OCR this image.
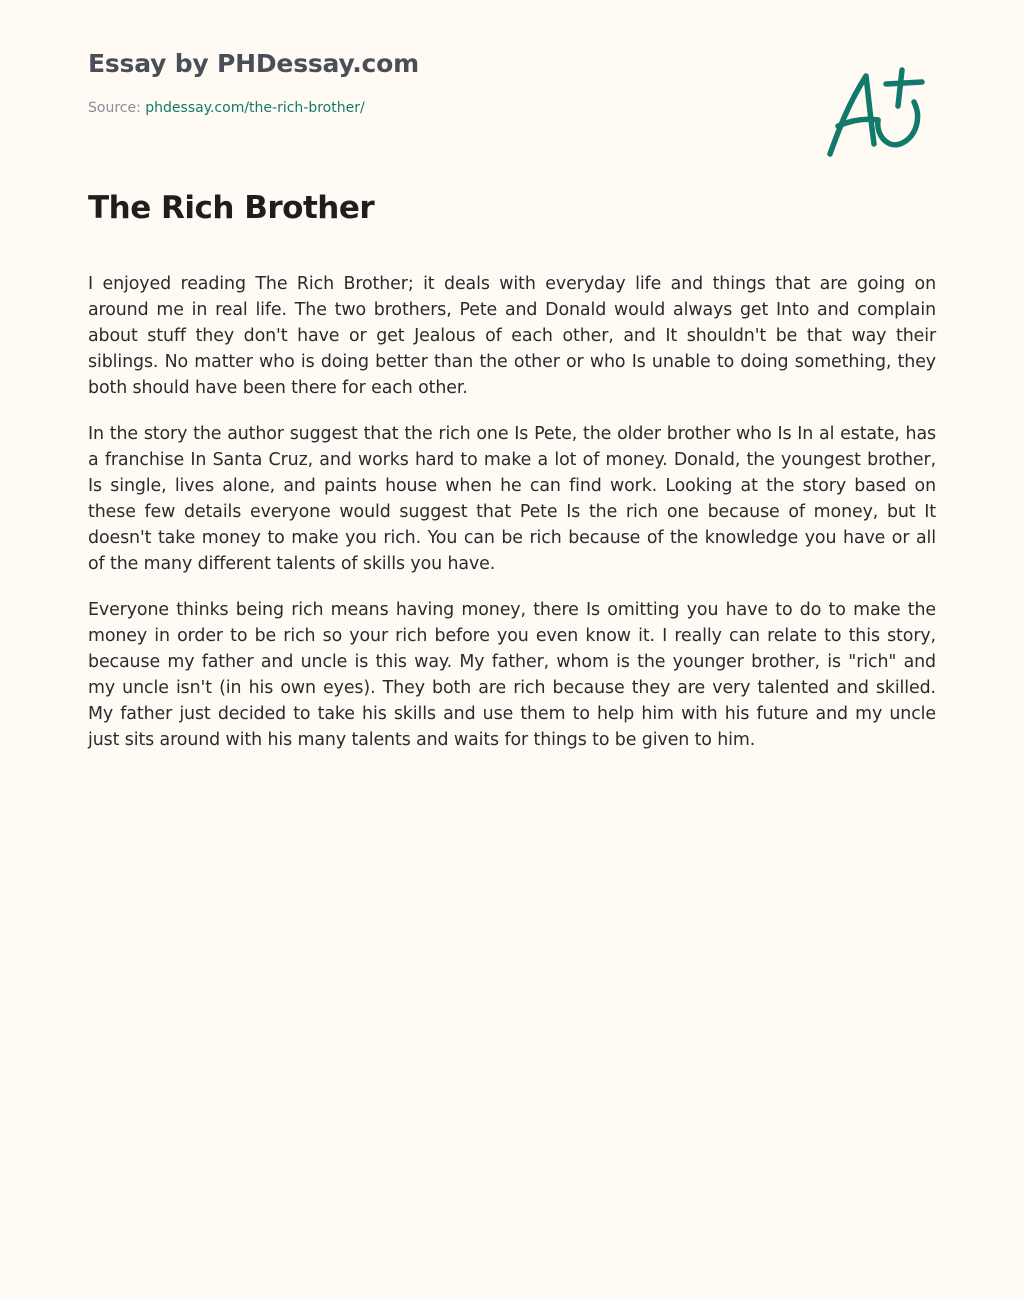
Essay by PHDessay.com
Source: phdessay.com/the-rich-brother/
The Rich Brother

I enjoyed reading The Rich Brother; it deals with everyday life and things that are going on around me in real life. The two brothers, Pete and Donald would always get Into and complain about stuff they don't have or get Jealous of each other, and It shouldn't be that way their siblings. No matter who is doing better than the other or who Is unable to doing something, they both should have been there for each other.

In the story the author suggest that the rich one Is Pete, the older brother who Is In al estate, has a franchise In Santa Cruz, and works hard to make a lot of money. Donald, the youngest brother, Is single, lives alone, and paints house when he can find work. Looking at the story based on these few details everyone would suggest that Pete Is the rich one because of money, but It doesn't take money to make you rich. You can be rich because of the knowledge you have or all of the many different talents of skills you have.

Everyone thinks being rich means having money, there Is omitting you have to do to make the money in order to be rich so your rich before you even know it. I really can relate to this story, because my father and uncle is this way. My father, whom is the younger brother, is "rich" and my uncle isn't (in his own eyes). They both are rich because they are very talented and skilled. My father just decided to take his skills and use them to help him with his future and my uncle just sits around with his many talents and waits for things to be given to him.
